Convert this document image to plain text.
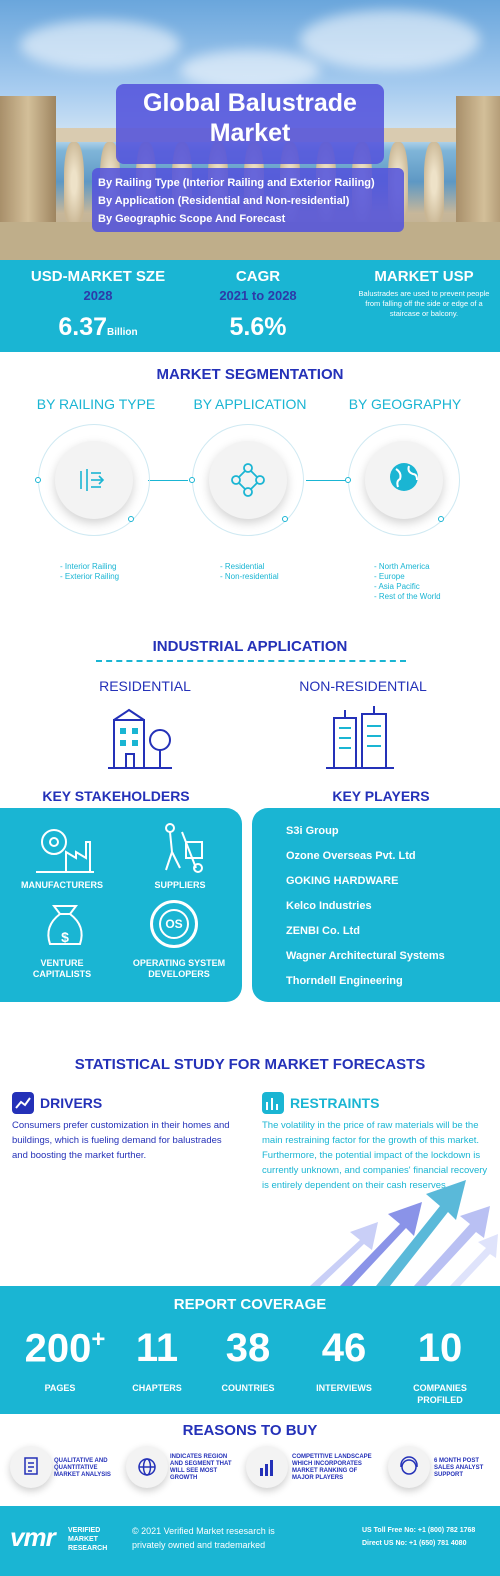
Global Balustrade
Market
By Railing Type (Interior Railing and Exterior Railing)
By Application (Residential and Non-residential)
By Geographic Scope And Forecast
USD-MARKET SZE
2028
6.37Billion
CAGR
2021 to 2028
5.6%
MARKET USP
Balustrades are used to prevent people from falling off the side or edge of a staircase or balcony.
MARKET SEGMENTATION
BY RAILING TYPE	BY APPLICATION	BY GEOGRAPHY
- Interior Railing
- Exterior Railing
- Residential
- Non-residential
- North America
- Europe
- Asia Pacific
- Rest of the World
INDUSTRIAL APPLICATION
RESIDENTIAL	NON-RESIDENTIAL
KEY STAKEHOLDERS	KEY PLAYERS
MANUFACTURERS	SUPPLIERS
$
OS
VENTURE
CAPITALISTS
OPERATING SYSTEM
DEVELOPERS
S3i Group
Ozone Overseas Pvt. Ltd
GOKING HARDWARE
Kelco Industries
ZENBI Co. Ltd
Wagner Architectural Systems
Thorndell Engineering
STATISTICAL STUDY FOR MARKET FORECASTS
DRIVERS
Consumers prefer customization in their homes and buildings, which is fueling demand for balustrades and boosting the market further.
RESTRAINTS
The volatility in the price of raw materials will be the main restraining factor for the growth of this market. Furthermore, the potential impact of the lockdown is currently unknown, and companies' financial recovery is entirely dependent on their cash reserves.
REPORT COVERAGE
200+
PAGES
11
CHAPTERS
38
COUNTRIES
46
INTERVIEWS
10
COMPANIES
PROFILED
REASONS TO BUY
QUALITATIVE AND QUANTITATIVE MARKET ANALYSIS
INDICATES REGION AND SEGMENT THAT WILL SEE MOST GROWTH
COMPETITIVE LANDSCAPE WHICH INCORPORATES MARKET RANKING OF MAJOR PLAYERS
6 MONTH POST SALES ANALYST SUPPORT
vmr VERIFIED
MARKET
RESEARCH
© 2021 Verified Market resesarch is
privately owned and trademarked
US Toll Free No: +1 (800) 782 1768
Direct US No: +1 (650) 781 4080
